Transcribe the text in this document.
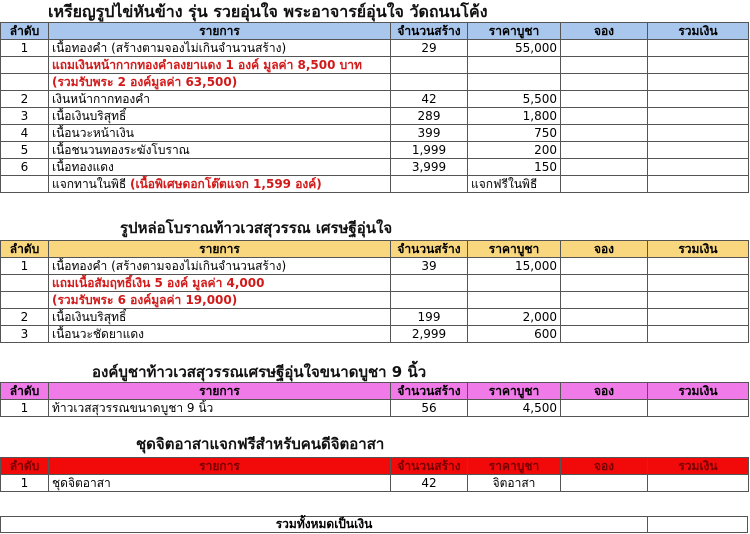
เหรียญรูปไข่หันข้าง รุ่น รวยอุ่นใจ พระอาจารย์อุ่นใจ วัดถนนโค้ง
ลำดับ	รายการ	จำนวนสร้าง	ราคาบูชา	จอง	รวมเงิน
1	เนื้อทองคำ (สร้างตามจองไม่เกินจำนวนสร้าง)	29	55,000		
	แถมเงินหน้ากากทองคำลงยาแดง 1 องค์ มูลค่า 8,500 บาท				
	(รวมรับพระ 2 องค์มูลค่า 63,500)				
2	เงินหน้ากากทองคำ	42	5,500		
3	เนื้อเงินบริสุทธิ์	289	1,800		
4	เนื้อนวะหน้าเงิน	399	750		
5	เนื้อชนวนทองระฆังโบราณ	1,999	200		
6	เนื้อทองแดง	3,999	150		
	แจกทานในพิธี (เนื้อพิเศษดอกโต๊ตแจก 1,599 องค์)		แจกฟรีในพิธี		
รูปหล่อโบราณท้าวเวสสุวรรณ เศรษฐีอุ่นใจ
ลำดับ	รายการ	จำนวนสร้าง	ราคาบูชา	จอง	รวมเงิน
1	เนื้อทองคำ (สร้างตามจองไม่เกินจำนวนสร้าง)	39	15,000		
	แถมเนื้อสัมฤทธิ์เงิน 5 องค์ มูลค่า 4,000				
	(รวมรับพระ 6 องค์มูลค่า 19,000)				
2	เนื้อเงินบริสุทธิ์	199	2,000		
3	เนื้อนวะชัดยาแดง	2,999	600		
องค์บูชาท้าวเวสสุวรรณเศรษฐีอุ่นใจขนาดบูชา 9 นิ้ว
ลำดับ	รายการ	จำนวนสร้าง	ราคาบูชา	จอง	รวมเงิน
1	ท้าวเวสสุวรรณขนาดบูชา 9 นิ้ว	56	4,500		
ชุดจิตอาสาแจกฟรีสำหรับคนดีจิตอาสา
ลำดับ	รายการ	จำนวนสร้าง	ราคาบูชา	จอง	รวมเงิน
1	ชุดจิตอาสา	42	จิตอาสา		
รวมทั้งหมดเป็นเงิน
